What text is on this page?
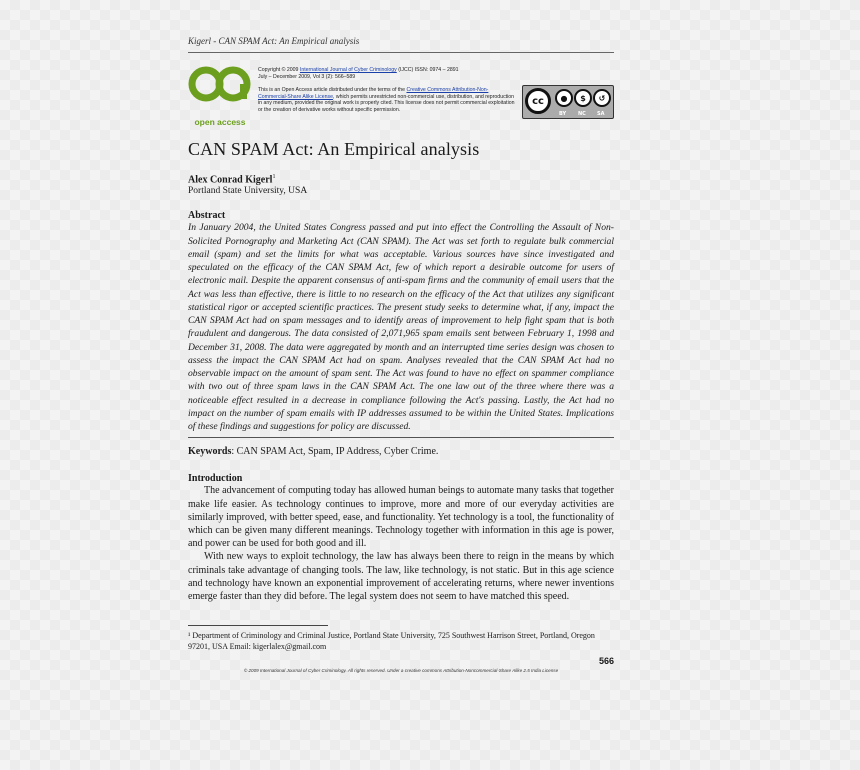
Kigerl - CAN SPAM Act: An Empirical analysis
open access

Copyright © 2009 International Journal of Cyber Criminology (IJCC) ISSN: 0974 – 2891

July – December 2009, Vol 3 (2): 566–589

This is an Open Access article distributed under the terms of the Creative Commons Attribution-Non-Commercial-Share Alike License, which permits unrestricted non-commercial use, distribution, and reproduction in any medium, provided the original work is properly cited. This license does not permit commercial exploitation or the creation of derivative works without specific permission.

cc	●	$	↺
BY NC SA
CAN SPAM Act: An Empirical analysis
Alex Conrad Kigerl$^1$
Portland State University, USA
Abstract

In January 2004, the United States Congress passed and put into effect the Controlling the Assault of Non-Solicited Pornography and Marketing Act (CAN SPAM). The Act was set forth to regulate bulk commercial email (spam) and set the limits for what was acceptable. Various sources have since investigated and speculated on the efficacy of the CAN SPAM Act, few of which report a desirable outcome for users of electronic mail. Despite the apparent consensus of anti-spam firms and the community of email users that the Act was less than effective, there is little to no research on the efficacy of the Act that utilizes any significant statistical rigor or accepted scientific practices. The present study seeks to determine what, if any, impact the CAN SPAM Act had on spam messages and to identify areas of improvement to help fight spam that is both fraudulent and dangerous. The data consisted of 2,071,965 spam emails sent between February 1, 1998 and December 31, 2008. The data were aggregated by month and an interrupted time series design was chosen to assess the impact the CAN SPAM Act had on spam. Analyses revealed that the CAN SPAM Act had no observable impact on the amount of spam sent. The Act was found to have no effect on spammer compliance with two out of three spam laws in the CAN SPAM Act. The one law out of the three where there was a noticeable effect resulted in a decrease in compliance following the Act's passing. Lastly, the Act had no impact on the number of spam emails with IP addresses assumed to be within the United States. Implications of these findings and suggestions for policy are discussed.

Keywords: CAN SPAM Act, Spam, IP Address, Cyber Crime.
Introduction

The advancement of computing today has allowed human beings to automate many tasks that together make life easier. As technology continues to improve, more and more of our everyday activities are similarly improved, with better speed, ease, and functionality. Yet technology is a tool, the functionality of which can be given many different meanings. Technology together with information in this age is power, and power can be used for both good and ill.

With new ways to exploit technology, the law has always been there to reign in the means by which criminals take advantage of changing tools. The law, like technology, is not static. But in this age science and technology have known an exponential improvement of accelerating returns, where newer inventions emerge faster than they did before. The legal system does not seem to have matched this speed.

¹ Department of Criminology and Criminal Justice, Portland State University, 725 Southwest Harrison Street, Portland, Oregon 97201, USA Email: kigerlalex@gmail.com
566
© 2009 International Journal of Cyber Criminology. All rights reserved. Under a creative commons Attribution-Noncommercial-Share Alike 2.5 India License
